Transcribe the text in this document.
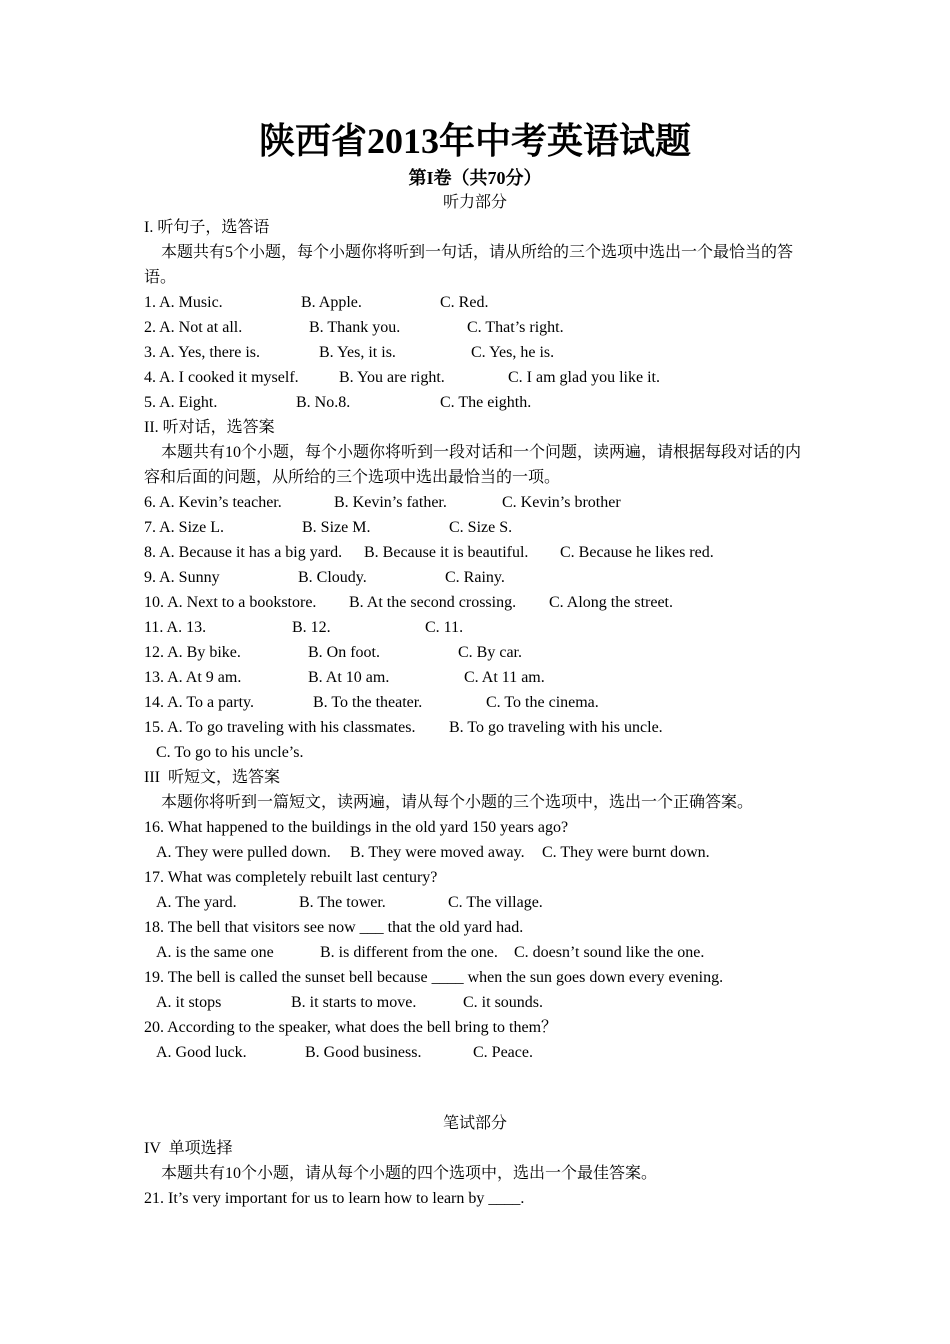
陕西省2013年中考英语试题
第I卷（共70分）
听力部分
I. 听句子，选答语

本题共有5个小题，每个小题你将听到一句话，请从所给的三个选项中选出一个最恰当的答语。

1. A. Music.

	B. Apple.

	C. Red.

2. A. Not at all.

	B. Thank you.

	C. That’s right.

3. A. Yes, there is.

	B. Yes, it is.

	C. Yes, he is.

4. A. I cooked it myself.

	B. You are right.

	C. I am glad you like it.

5. A. Eight.

	B. No.8.

	C. The eighth.

II. 听对话，选答案

本题共有10个小题，每个小题你将听到一段对话和一个问题，读两遍，请根据每段对话的内容和后面的问题，从所给的三个选项中选出最恰当的一项。

6. A. Kevin’s teacher.

	B. Kevin’s father.

	C. Kevin’s brother

7. A. Size L.

	B. Size M.

	C. Size S.

8. A. Because it has a big yard.

B. Because it is beautiful.

C. Because he likes red.

9. A. Sunny

	B. Cloudy.

	C. Rainy.

10. A. Next to a bookstore.

B. At the second crossing.

C. Along the street.

11. A. 13.

	B. 12.

	C. 11.

12. A. By bike.

	B. On foot.

	C. By car.

13. A. At 9 am.

	B. At 10 am.

	C. At 11 am.

14. A. To a party.

	B. To the theater.

	C. To the cinema.

15. A. To go traveling with his classmates.

B. To go traveling with his uncle.

C. To go to his uncle’s.
III  听短文，选答案

本题你将听到一篇短文，读两遍，请从每个小题的三个选项中，选出一个正确答案。

16. What happened to the buildings in the old yard 150 years ago?

A. They were pulled down.

B. They were moved away.

C. They were burnt down.

17. What was completely rebuilt last century?

A. The yard.

	B. The tower.

	C. The village.

18. The bell that visitors see now ___ that the old yard had.

A. is the same one

	B. is different from the one.

C. doesn’t sound like the one.

19. The bell is called the sunset bell because ____ when the sun goes down every evening.

A. it stops

	B. it starts to move.

	C. it sounds.

20. According to the speaker, what does the bell bring to them？

A. Good luck.

	B. Good business.

	C. Peace.

笔试部分
IV  单项选择

本题共有10个小题，请从每个小题的四个选项中，选出一个最佳答案。

21. It’s very important for us to learn how to learn by ____.
